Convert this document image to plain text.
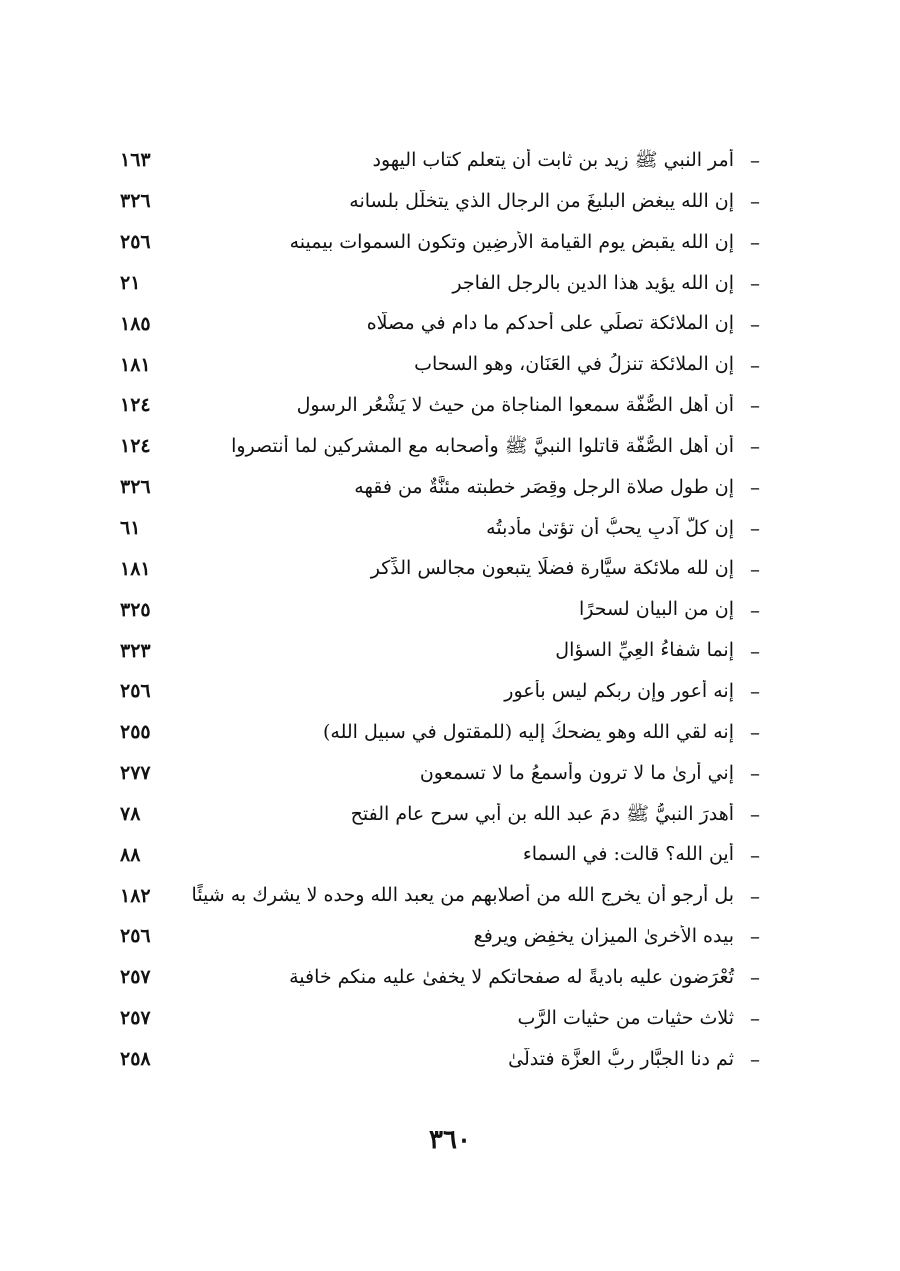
–
أمر النبي ﷺ زيد بن ثابت أن يتعلم كتاب اليهود
١٦٣
–
إن الله يبغض البليغَ من الرجال الذي يتخلَّل بلسانه
٣٢٦
–
إن الله يقبض يوم القيامة الأرضِين وتكون السموات بيمينه
٢٥٦
–
إن الله يؤيد هذا الدين بالرجل الفاجر
٢١
–
إن الملائكة تصلِّي على أحدكم ما دام في مصلَّاه
١٨٥
–
إن الملائكة تنزلُ في العَنَان، وهو السحاب
١٨١
–
أن أهل الصُّفَّة سمعوا المناجاة من حيث لا يَشْعُر الرسول
١٢٤
–
أن أهل الصُّفَّة قاتلوا النبيَّ ﷺ وأصحابه مع المشركين لما أنتصروا
١٢٤
–
إن طول صلاة الرجل وقِصَر خطبته مئنَّةٌ من فقهه
٣٢٦
–
إن كلَّ آدبٍ يحبُّ أن تؤتىٰ مأدبتُه
٦١
–
إن لله ملائكة سيَّارة فضلًا يتبعون مجالس الذِّكر
١٨١
–
إن من البيان لسحرًا
٣٢٥
–
إنما شفاءُ العِيِّ السؤال
٣٢٣
–
إنه أعور وإن ربكم ليس بأعور
٢٥٦
–
إنه لقي الله وهو يضحكُ إليه (للمقتول في سبيل الله)
٢٥٥
–
إني أرىٰ ما لا ترون وأسمعُ ما لا تسمعون
٢٧٧
–
أهدرَ النبيُّ ﷺ دمَ عبد الله بن أبي سرح عام الفتح
٧٨
–
أين الله؟ قالت: في السماء
٨٨
–
بل أرجو أن يخرج الله من أصلابهم من يعبد الله وحده لا يشرك به شيئًا
١٨٢
–
بيده الأخرىٰ الميزان يخفِض ويرفع
٢٥٦
–
تُعْرَضون عليه باديةً له صفحاتكم لا يخفىٰ عليه منكم خافية
٢٥٧
–
ثلاث حثيات من حثيات الرَّب
٢٥٧
–
ثم دنا الجبَّار ربُّ العزَّة فتدلَّىٰ
٢٥٨
٣٦٠
